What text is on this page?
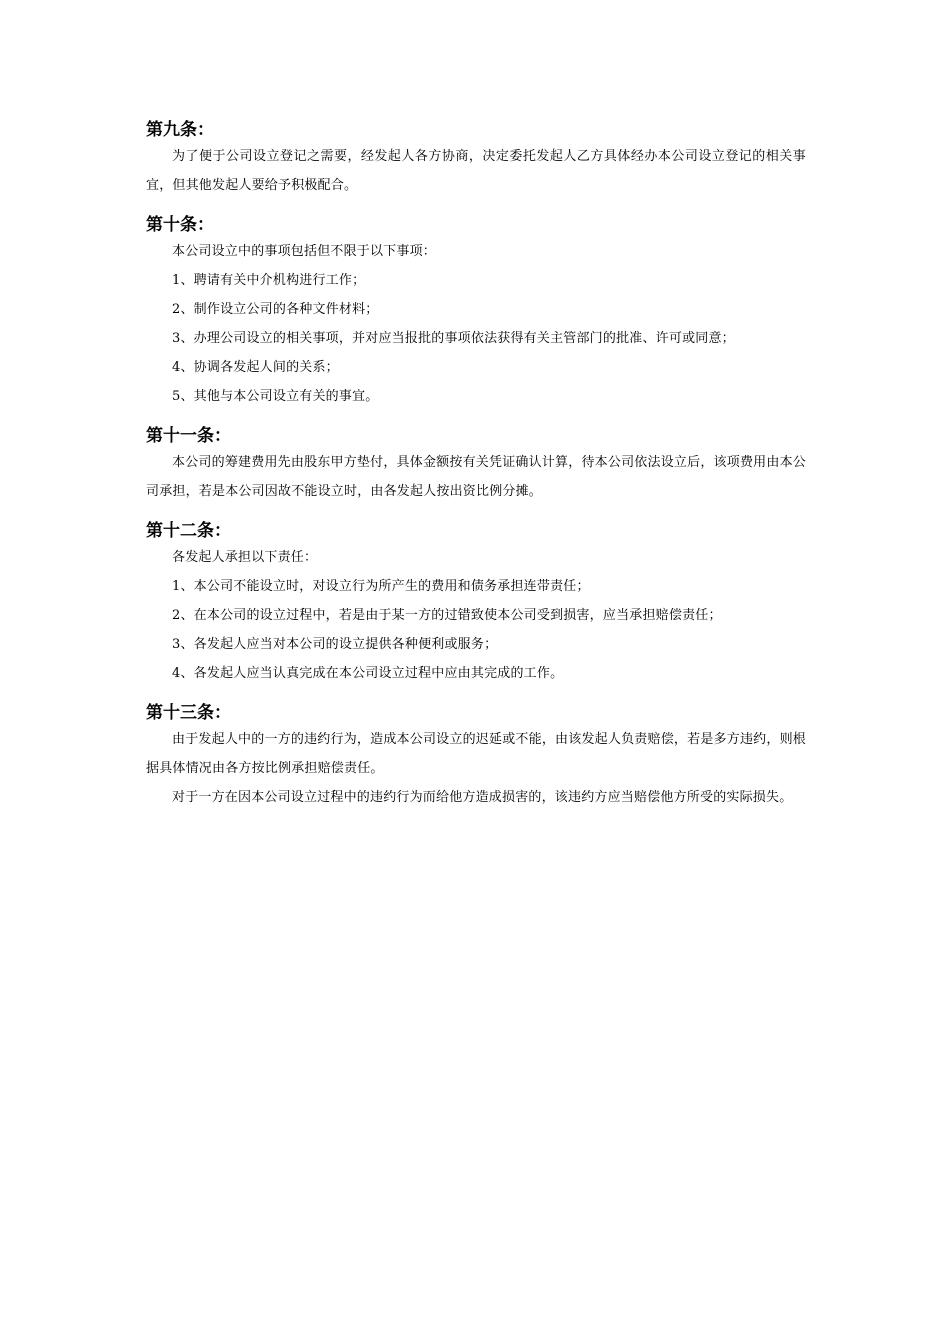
第九条：

为了便于公司设立登记之需要，经发起人各方协商，决定委托发起人乙方具体经办本公司设立登记的相关事宜，但其他发起人要给予积极配合。

第十条：

本公司设立中的事项包括但不限于以下事项：

1、聘请有关中介机构进行工作；

2、制作设立公司的各种文件材料；

3、办理公司设立的相关事项，并对应当报批的事项依法获得有关主管部门的批准、许可或同意；

4、协调各发起人间的关系；

5、其他与本公司设立有关的事宜。

第十一条：

本公司的筹建费用先由股东甲方垫付，具体金额按有关凭证确认计算，待本公司依法设立后，该项费用由本公司承担，若是本公司因故不能设立时，由各发起人按出资比例分摊。

第十二条：

各发起人承担以下责任：

1、本公司不能设立时，对设立行为所产生的费用和债务承担连带责任；

2、在本公司的设立过程中，若是由于某一方的过错致使本公司受到损害，应当承担赔偿责任；

3、各发起人应当对本公司的设立提供各种便利或服务；

4、各发起人应当认真完成在本公司设立过程中应由其完成的工作。

第十三条：

由于发起人中的一方的违约行为，造成本公司设立的迟延或不能，由该发起人负责赔偿，若是多方违约，则根据具体情况由各方按比例承担赔偿责任。

对于一方在因本公司设立过程中的违约行为而给他方造成损害的，该违约方应当赔偿他方所受的实际损失。
